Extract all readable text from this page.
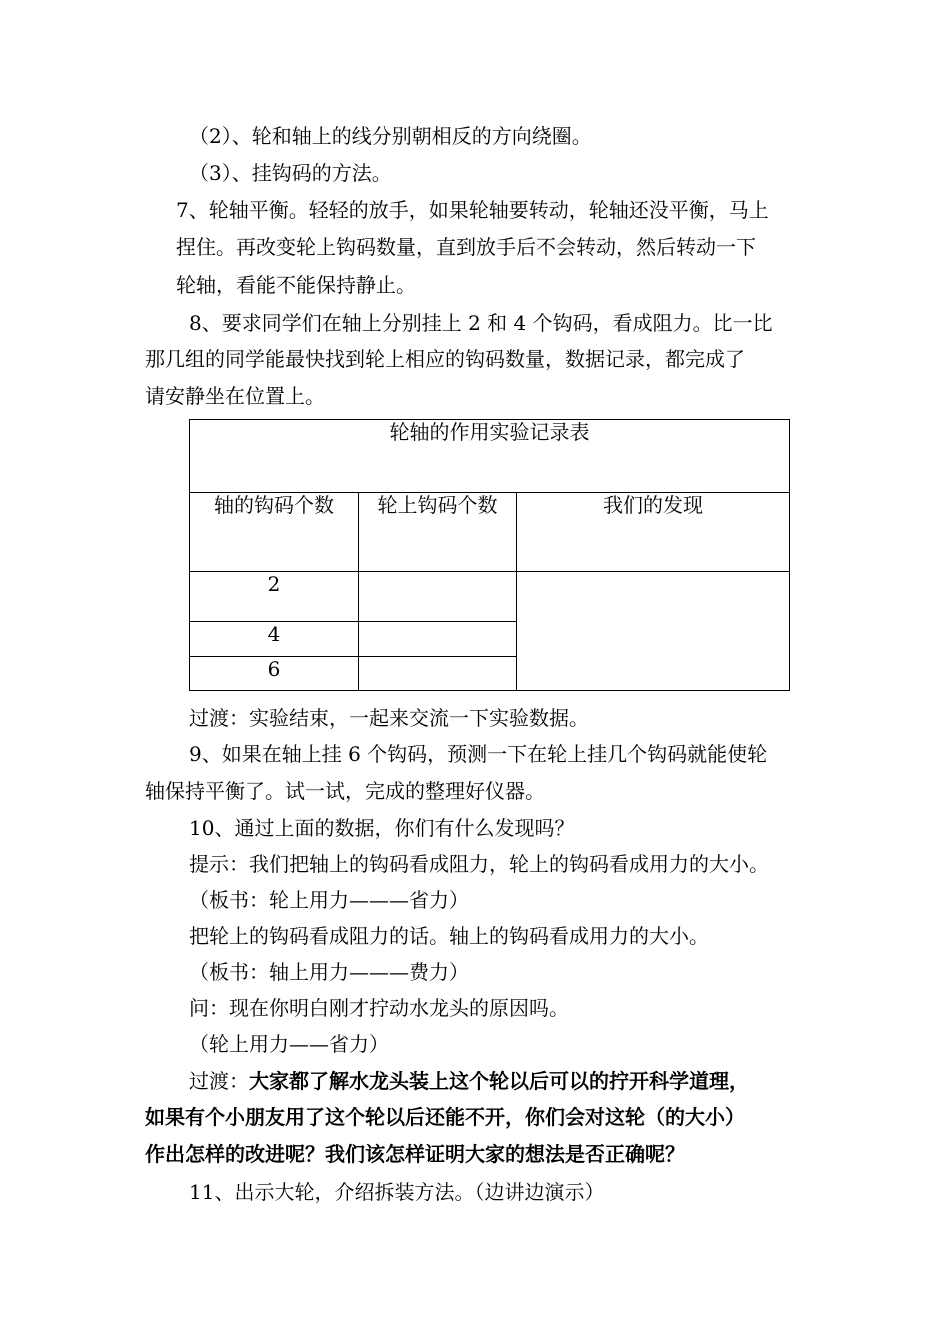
（2）、轮和轴上的线分别朝相反的方向绕圈。
（3）、挂钩码的方法。
7、轮轴平衡。轻轻的放手，如果轮轴要转动，轮轴还没平衡，马上
捏住。再改变轮上钩码数量，直到放手后不会转动，然后转动一下
轮轴，看能不能保持静止。
8、要求同学们在轴上分别挂上 2 和 4 个钩码，看成阻力。比一比
那几组的同学能最快找到轮上相应的钩码数量，数据记录，都完成了
请安静坐在位置上。
轮轴的作用实验记录表		
轴的钩码个数	轮上钩码个数	我们的发现
2		
4		
6		
过渡：实验结束，一起来交流一下实验数据。
9、如果在轴上挂 6 个钩码，预测一下在轮上挂几个钩码就能使轮
轴保持平衡了。试一试，完成的整理好仪器。
10、通过上面的数据，你们有什么发现吗？
提示：我们把轴上的钩码看成阻力，轮上的钩码看成用力的大小。
（板书：轮上用力———省力）
把轮上的钩码看成阻力的话。轴上的钩码看成用力的大小。
（板书：轴上用力———费力）
问：现在你明白刚才拧动水龙头的原因吗。
（轮上用力——省力）
过渡：大家都了解水龙头装上这个轮以后可以的拧开科学道理，
如果有个小朋友用了这个轮以后还能不开，你们会对这轮（的大小）
作出怎样的改进呢？我们该怎样证明大家的想法是否正确呢？
11、出示大轮，介绍拆装方法。（边讲边演示）
